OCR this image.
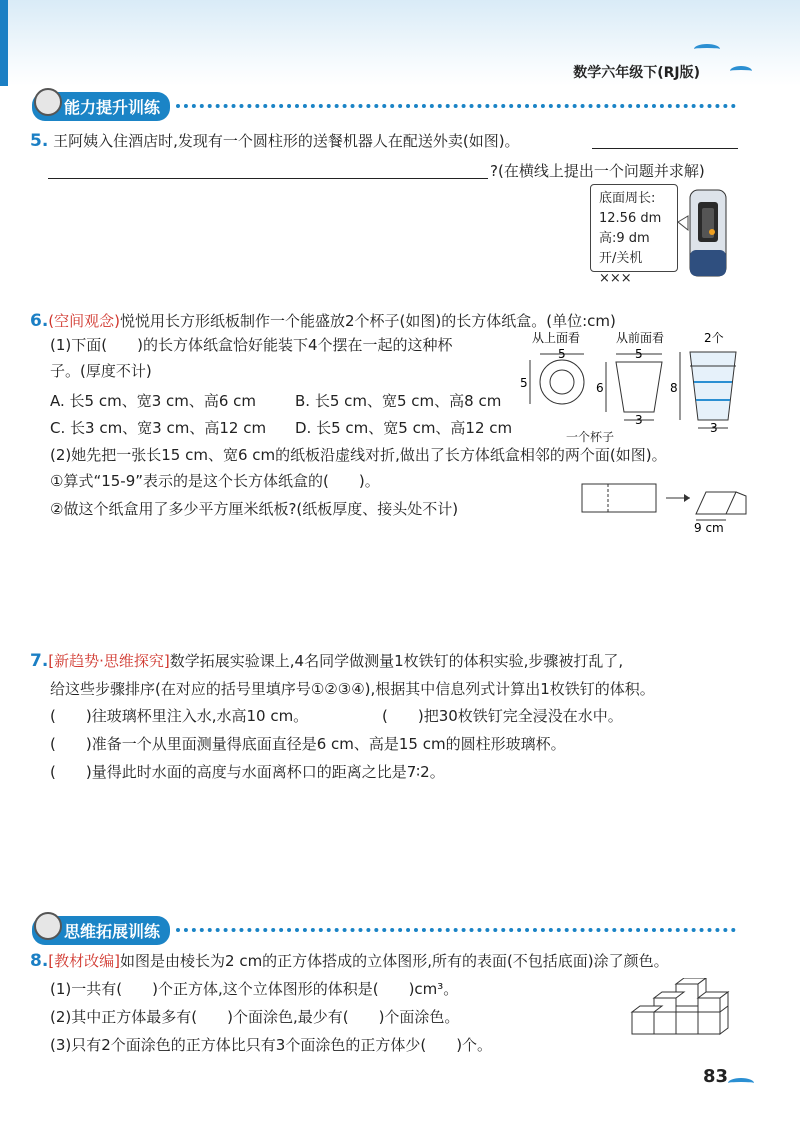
数学六年级下(RJ版)
能力提升训练
5. 王阿姨入住酒店时,发现有一个圆柱形的送餐机器人在配送外卖(如图)。
?(在横线上提出一个问题并求解)
底面周长:
12.56 dm
高:9 dm
开/关机×××
6.(空间观念)悦悦用长方形纸板制作一个能盛放2个杯子(如图)的长方体纸盒。(单位:cm)
(1)下面(　　)的长方体纸盒恰好能装下4个摆在一起的这种杯
子。(厚度不计)
A. 长5 cm、宽3 cm、高6 cm	B. 长5 cm、宽5 cm、高8 cm
C. 长3 cm、宽3 cm、高12 cm D. 长5 cm、宽5 cm、高12 cm
(2)她先把一张长15 cm、宽6 cm的纸板沿虚线对折,做出了长方体纸盒相邻的两个面(如图)。
①算式“15-9”表示的是这个长方体纸盒的(　　)。
②做这个纸盒用了多少平方厘米纸板?(纸板厚度、接头处不计)
从上面看	从前面看	2个
5
5
5
6
3
8
3
一个杯子
9 cm
7.[新趋势·思维探究]数学拓展实验课上,4名同学做测量1枚铁钉的体积实验,步骤被打乱了,
给这些步骤排序(在对应的括号里填序号①②③④),根据其中信息列式计算出1枚铁钉的体积。
(　　)往玻璃杯里注入水,水高10 cm。	(　　)把30枚铁钉完全浸没在水中。
(　　)准备一个从里面测量得底面直径是6 cm、高是15 cm的圆柱形玻璃杯。
(　　)量得此时水面的高度与水面离杯口的距离之比是7∶2。
思维拓展训练
8.[教材改编]如图是由棱长为2 cm的正方体搭成的立体图形,所有的表面(不包括底面)涂了颜色。
(1)一共有(　　)个正方体,这个立体图形的体积是(　　)cm³。
(2)其中正方体最多有(　　)个面涂色,最少有(　　)个面涂色。
(3)只有2个面涂色的正方体比只有3个面涂色的正方体少(　　)个。
83
